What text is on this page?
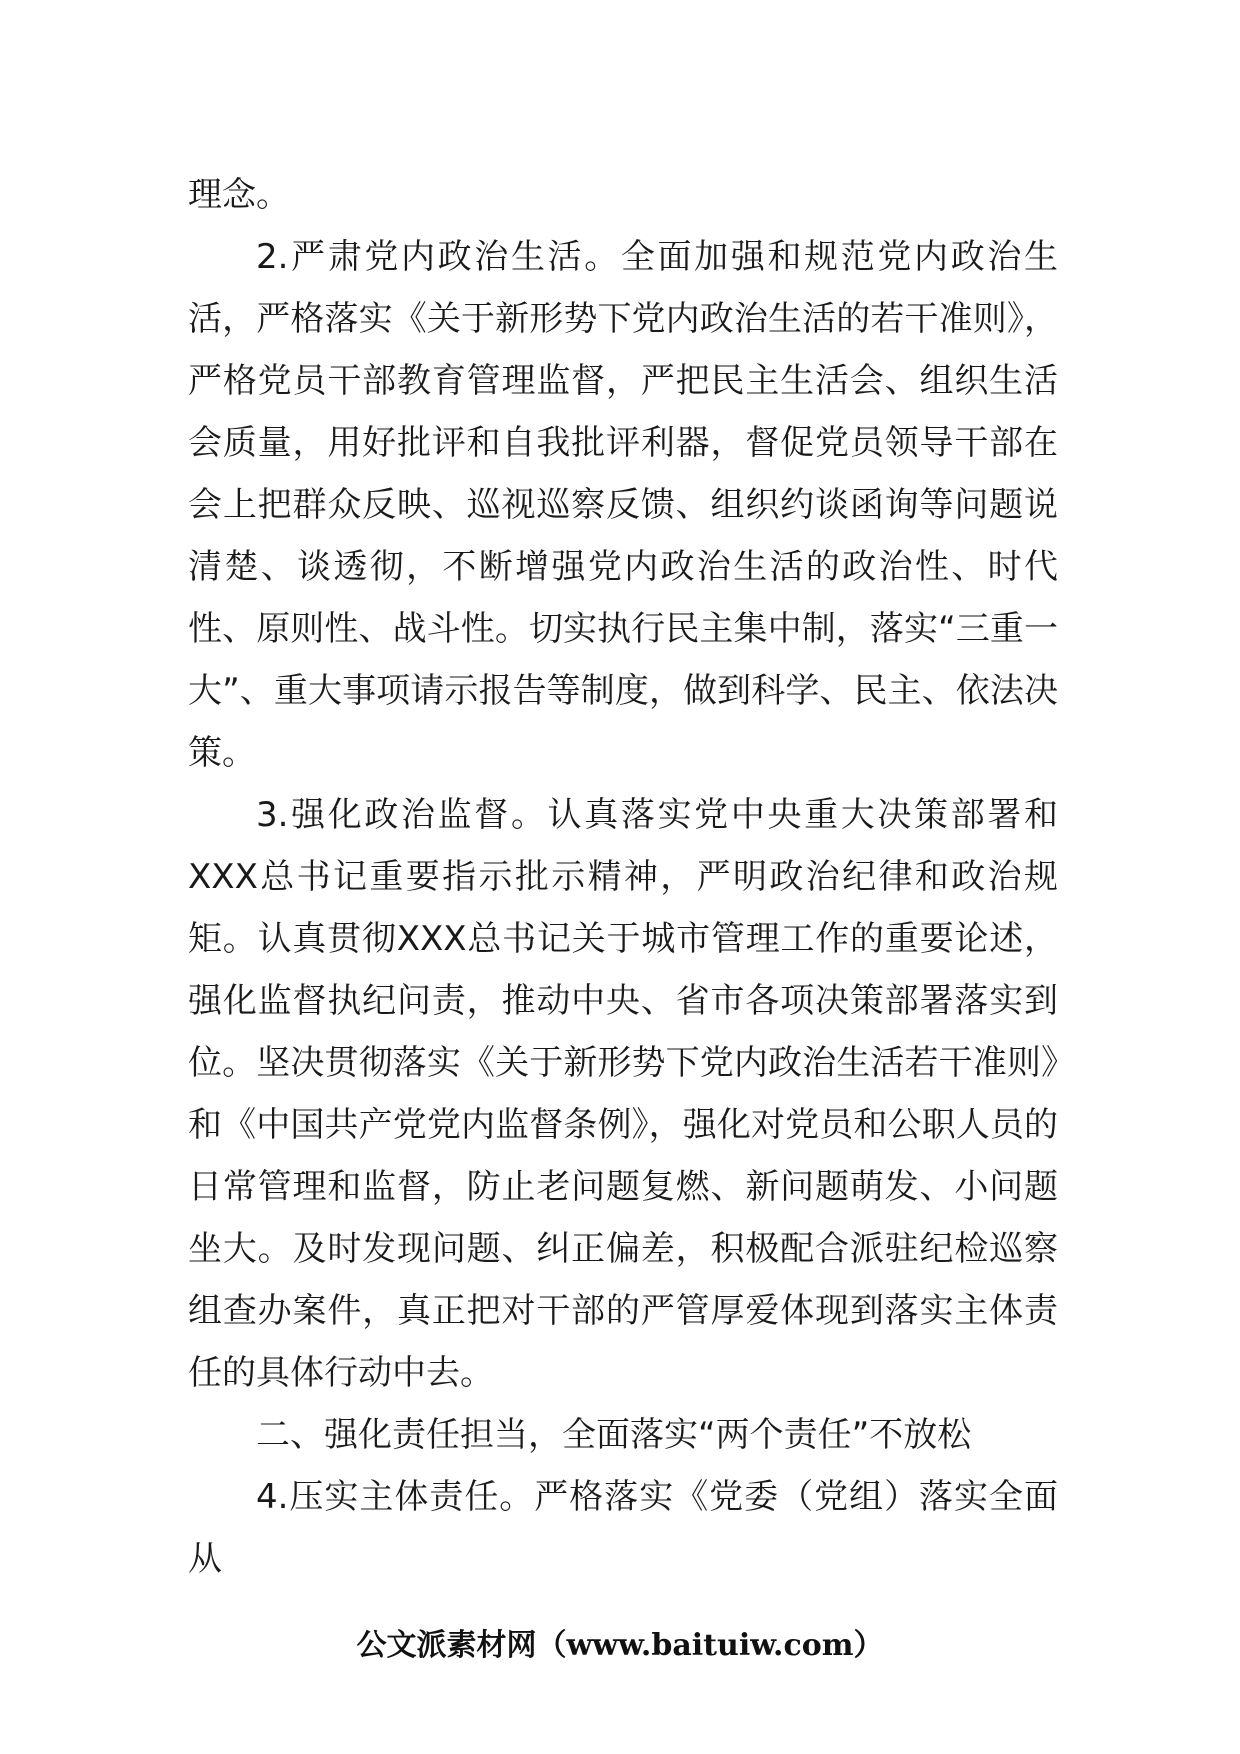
理念。

2.严肃党内政治生活。全面加强和规范党内政治生活，严格落实《关于新形势下党内政治生活的若干准则》，严格党员干部教育管理监督，严把民主生活会、组织生活会质量，用好批评和自我批评利器，督促党员领导干部在会上把群众反映、巡视巡察反馈、组织约谈函询等问题说清楚、谈透彻，不断增强党内政治生活的政治性、时代性、原则性、战斗性。切实执行民主集中制，落实“三重一大”、重大事项请示报告等制度，做到科学、民主、依法决策。

3.强化政治监督。认真落实党中央重大决策部署和XXX总书记重要指示批示精神，严明政治纪律和政治规矩。认真贯彻XXX总书记关于城市管理工作的重要论述，强化监督执纪问责，推动中央、省市各项决策部署落实到位。坚决贯彻落实《关于新形势下党内政治生活若干准则》和《中国共产党党内监督条例》，强化对党员和公职人员的日常管理和监督，防止老问题复燃、新问题萌发、小问题坐大。及时发现问题、纠正偏差，积极配合派驻纪检巡察组查办案件，真正把对干部的严管厚爱体现到落实主体责任的具体行动中去。

二、强化责任担当，全面落实“两个责任”不放松

4.压实主体责任。严格落实《党委（党组）落实全面从

公文派素材网（www.baituiw.com）
